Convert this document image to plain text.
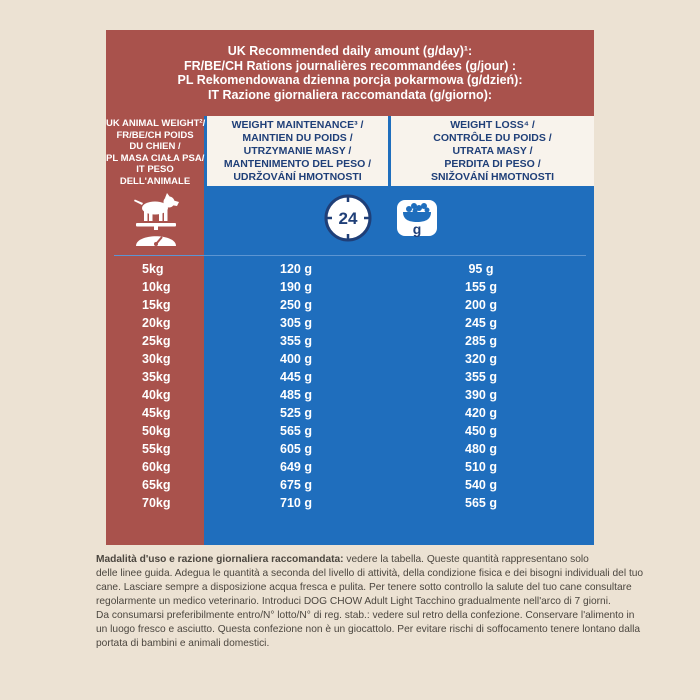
UK Recommended daily amount (g/day)¹:
FR/BE/CH Rations journalières recommandées (g/jour) :
PL Rekomendowana dzienna porcja pokarmowa (g/dzień):
IT Razione giornaliera raccomandata (g/giorno):
UK ANIMAL WEIGHT²/
FR/BE/CH POIDS
DU CHIEN /
PL MASA CIAŁA PSA/
IT PESO
DELL'ANIMALE
WEIGHT MAINTENANCE³ /
MAINTIEN DU POIDS /
UTRZYMANIE MASY /
MANTENIMENTO DEL PESO /
UDRŽOVÁNÍ HMOTNOSTI
WEIGHT LOSS⁴ /
CONTRÔLE DU POIDS /
UTRATA MASY /
PERDITA DI PESO /
SNIŽOVÁNÍ HMOTNOSTI
24
g
5kg	120 g	95 g
10kg	190 g	155 g
15kg	250 g	200 g
20kg	305 g	245 g
25kg	355 g	285 g
30kg	400 g	320 g
35kg	445 g	355 g
40kg	485 g	390 g
45kg	525 g	420 g
50kg	565 g	450 g
55kg	605 g	480 g
60kg	649 g	510 g
65kg	675 g	540 g
70kg	710 g	565 g
Madalità d'uso e razione giornaliera raccomandata: vedere la tabella. Queste quantità rappresentano solo
delle linee guida. Adegua le quantità a seconda del livello di attività, della condizione fisica e dei bisogni individuali del tuo
cane. Lasciare sempre a disposizione acqua fresca e pulita. Per tenere sotto controllo la salute del tuo cane consultare
regolarmente un medico veterinario. Introduci DOG CHOW Adult Light Tacchino gradualmente nell'arco di 7 giorni.
Da consumarsi preferibilmente entro/N° lotto/N° di reg. stab.: vedere sul retro della confezione. Conservare l'alimento in
un luogo fresco e asciutto. Questa confezione non è un giocattolo. Per evitare rischi di soffocamento tenere lontano dalla
portata di bambini e animali domestici.
